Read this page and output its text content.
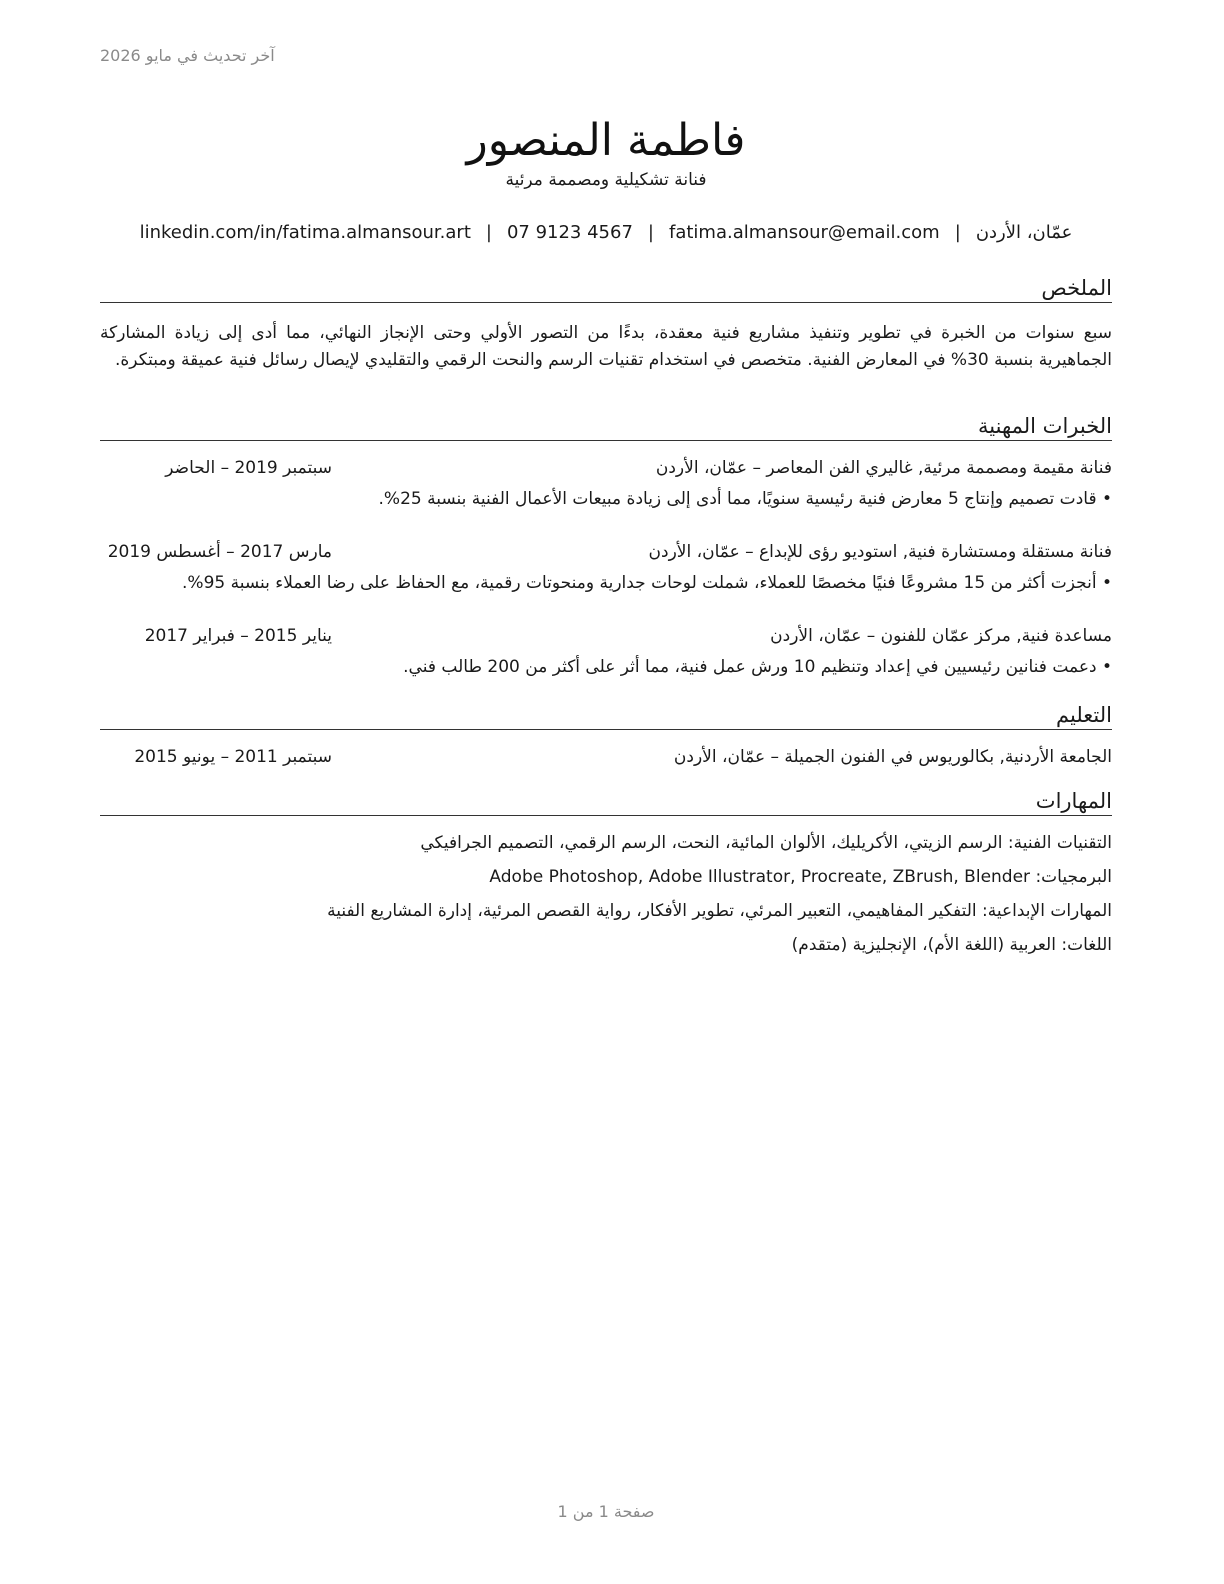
آخر تحديث في مايو 2026
فاطمة المنصور
فنانة تشكيلية ومصممة مرئية
عمّان، الأردن|fatima.almansour@email.com|07 9123 4567|linkedin.com/in/fatima.almansour.art
الملخص
سبع سنوات من الخبرة في تطوير وتنفيذ مشاريع فنية معقدة، بدءًا من التصور الأولي وحتى الإنجاز النهائي، مما أدى إلى زيادة المشاركة الجماهيرية بنسبة 30% في المعارض الفنية. متخصص في استخدام تقنيات الرسم والنحت الرقمي والتقليدي لإيصال رسائل فنية عميقة ومبتكرة.
الخبرات المهنية
فنانة مقيمة ومصممة مرئية, غاليري الفن المعاصر – عمّان، الأردن
سبتمبر 2019 – الحاضر
• قادت تصميم وإنتاج 5 معارض فنية رئيسية سنويًا، مما أدى إلى زيادة مبيعات الأعمال الفنية بنسبة 25%.
فنانة مستقلة ومستشارة فنية, استوديو رؤى للإبداع – عمّان، الأردن
مارس 2017 – أغسطس 2019
• أنجزت أكثر من 15 مشروعًا فنيًا مخصصًا للعملاء، شملت لوحات جدارية ومنحوتات رقمية، مع الحفاظ على رضا العملاء بنسبة 95%.
مساعدة فنية, مركز عمّان للفنون – عمّان، الأردن
يناير 2015 – فبراير 2017
• دعمت فنانين رئيسيين في إعداد وتنظيم 10 ورش عمل فنية، مما أثر على أكثر من 200 طالب فني.
التعليم
الجامعة الأردنية, بكالوريوس في الفنون الجميلة – عمّان، الأردن
سبتمبر 2011 – يونيو 2015
المهارات
التقنيات الفنية: الرسم الزيتي، الأكريليك، الألوان المائية، النحت، الرسم الرقمي، التصميم الجرافيكي
البرمجيات: Adobe Photoshop, Adobe Illustrator, Procreate, ZBrush, Blender
المهارات الإبداعية: التفكير المفاهيمي، التعبير المرئي، تطوير الأفكار، رواية القصص المرئية، إدارة المشاريع الفنية
اللغات: العربية (اللغة الأم)، الإنجليزية (متقدم)
صفحة 1 من 1
